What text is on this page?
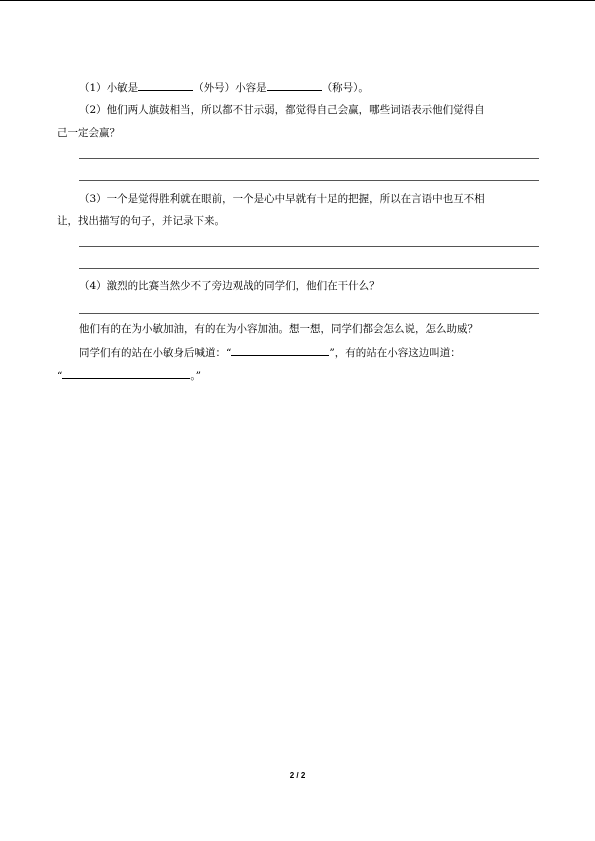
（1）小敏是	（外号）小容是	（称号）。
（2）他们两人旗鼓相当，所以都不甘示弱，都觉得自己会赢，哪些词语表示他们觉得自
己一定会赢？
（3）一个是觉得胜利就在眼前，一个是心中早就有十足的把握，所以在言语中也互不相
让，找出描写的句子，并记录下来。
（4）激烈的比赛当然少不了旁边观战的同学们，他们在干什么？
他们有的在为小敏加油，有的在为小容加油。想一想，同学们都会怎么说，怎么助威？
同学们有的站在小敏身后喊道：“	”，有的站在小容这边叫道：
“	。”
2 / 2
